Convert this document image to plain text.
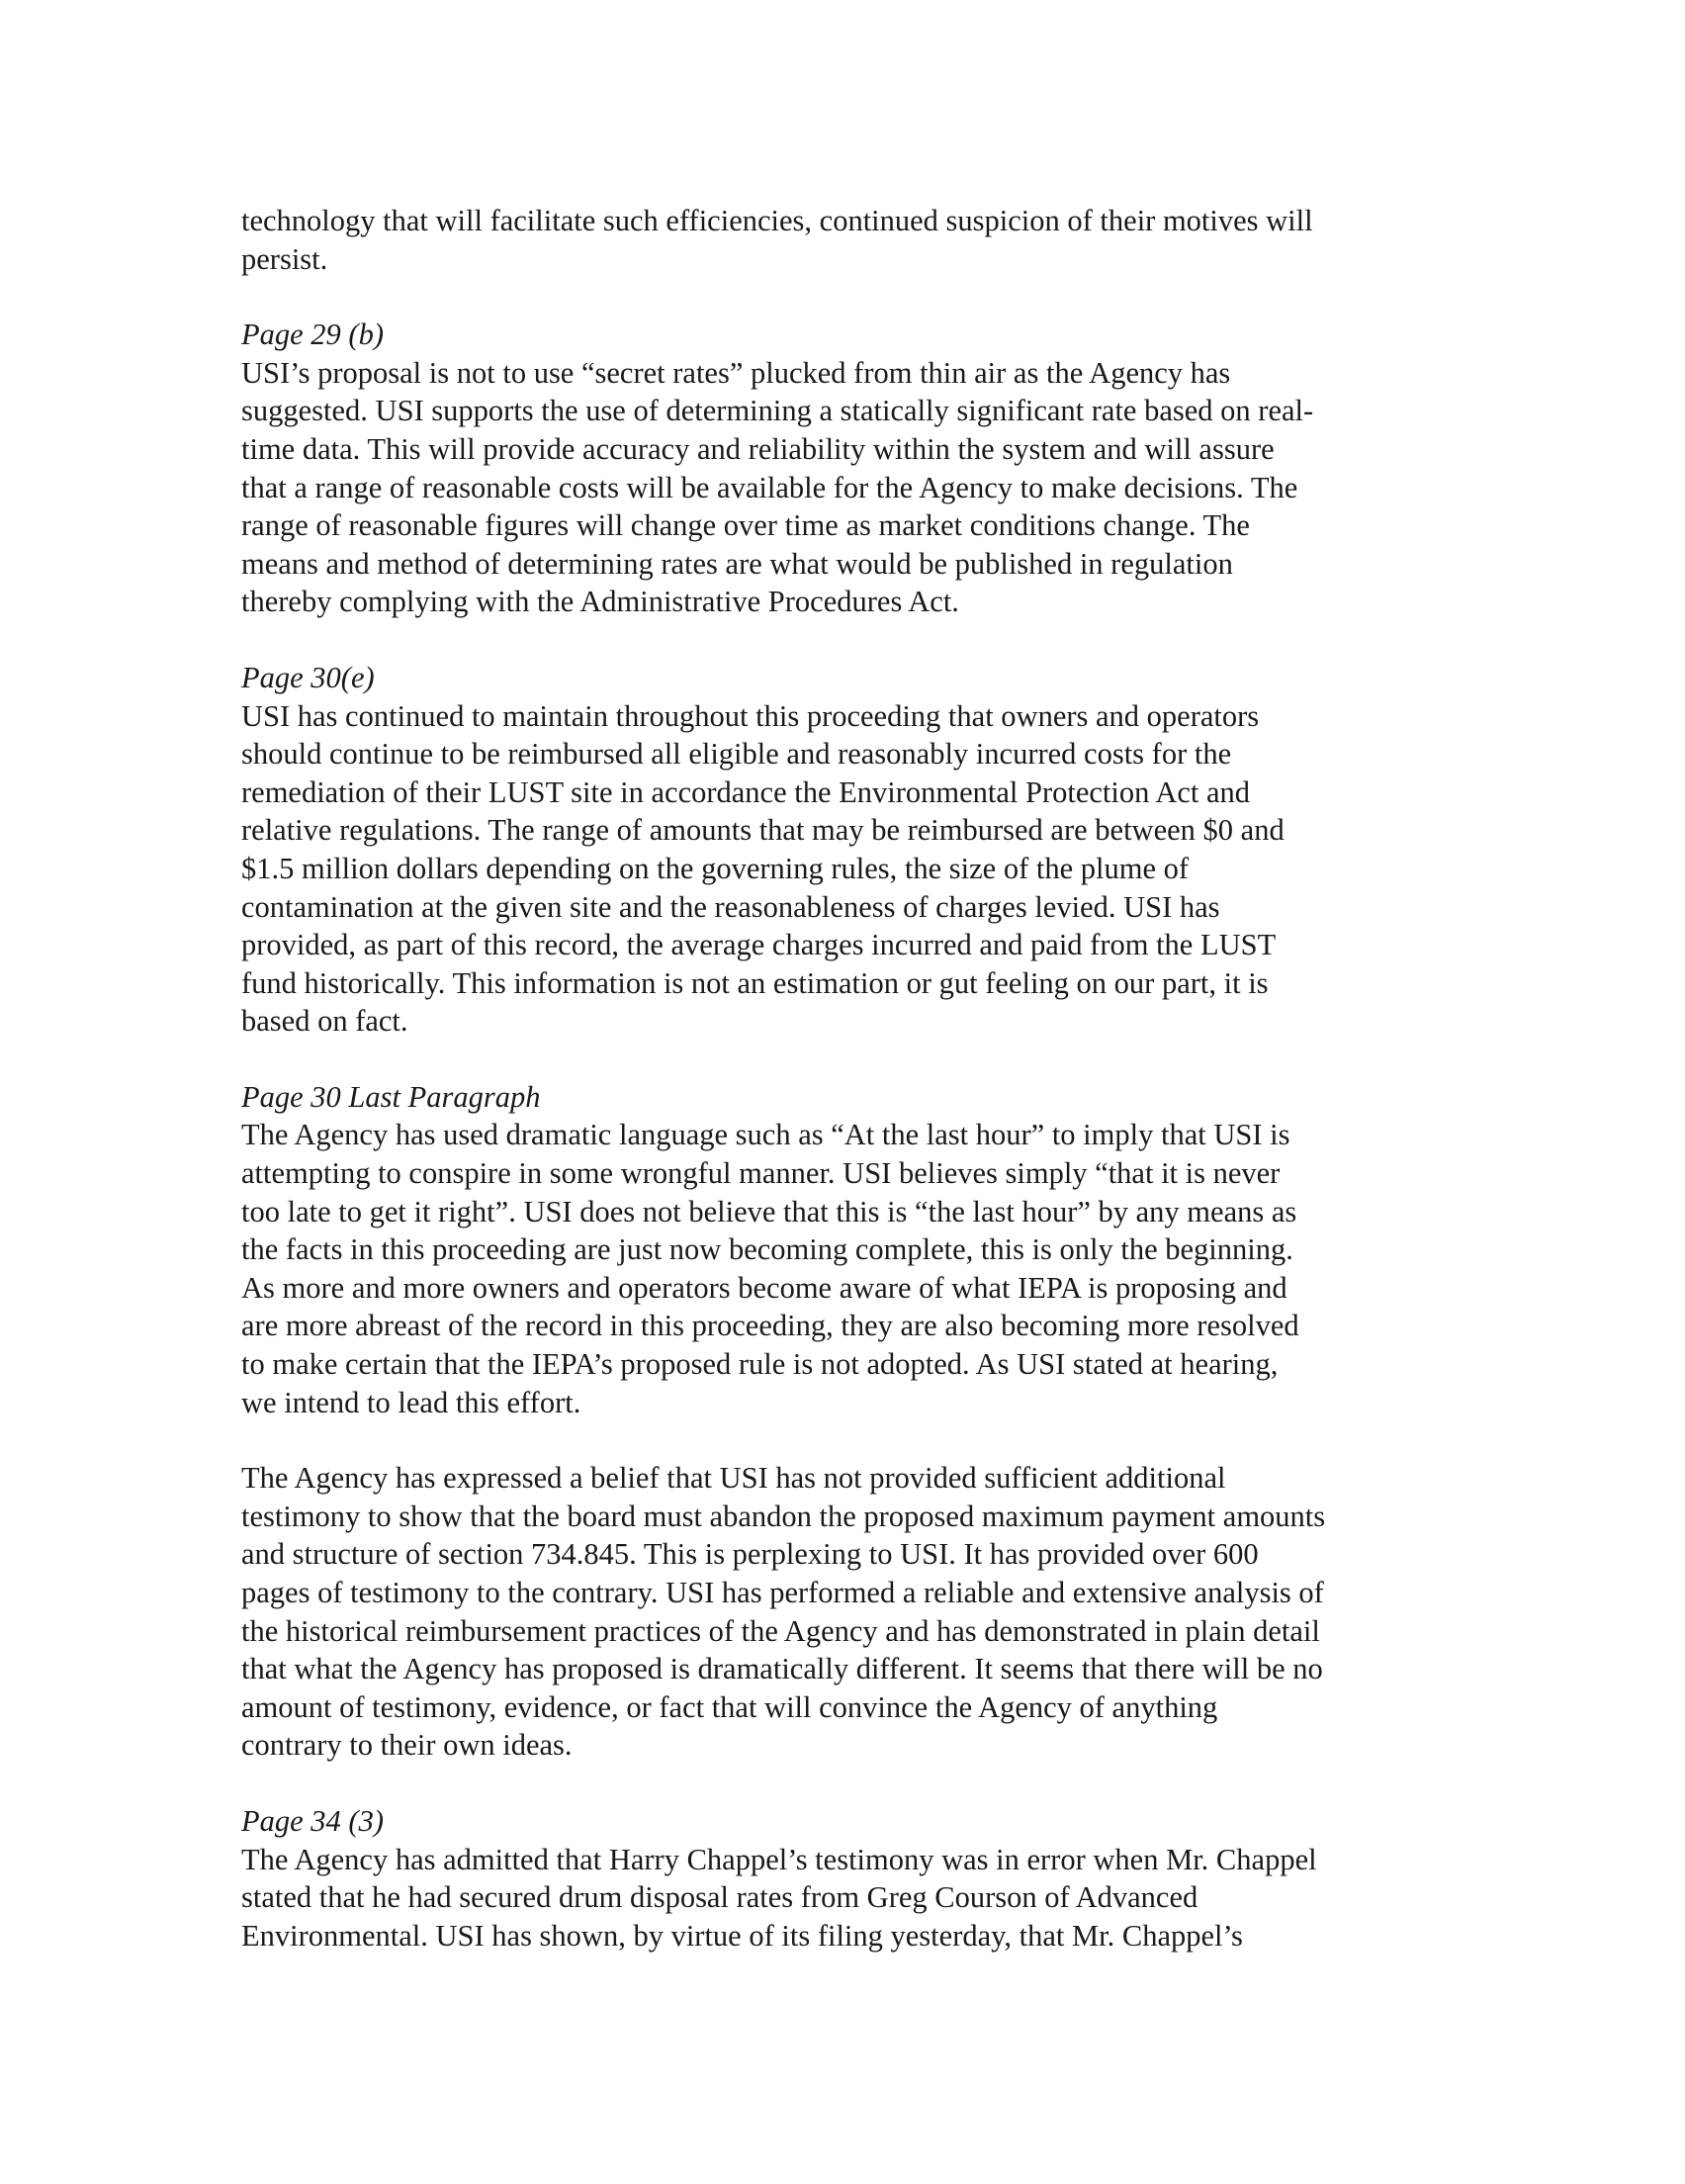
technology that will facilitate such efficiencies, continued suspicion of their motives will
persist.

Page 29 (b)

USI’s proposal is not to use “secret rates” plucked from thin air as the Agency has
suggested. USI supports the use of determining a statically significant rate based on real-
time data. This will provide accuracy and reliability within the system and will assure
that a range of reasonable costs will be available for the Agency to make decisions. The
range of reasonable figures will change over time as market conditions change. The
means and method of determining rates are what would be published in regulation
thereby complying with the Administrative Procedures Act.

Page 30(e)

USI has continued to maintain throughout this proceeding that owners and operators
should continue to be reimbursed all eligible and reasonably incurred costs for the
remediation of their LUST site in accordance the Environmental Protection Act and
relative regulations. The range of amounts that may be reimbursed are between $0 and
$1.5 million dollars depending on the governing rules, the size of the plume of
contamination at the given site and the reasonableness of charges levied. USI has
provided, as part of this record, the average charges incurred and paid from the LUST
fund historically. This information is not an estimation or gut feeling on our part, it is
based on fact.

Page 30 Last Paragraph

The Agency has used dramatic language such as “At the last hour” to imply that USI is
attempting to conspire in some wrongful manner. USI believes simply “that it is never
too late to get it right”. USI does not believe that this is “the last hour” by any means as
the facts in this proceeding are just now becoming complete, this is only the beginning.
As more and more owners and operators become aware of what IEPA is proposing and
are more abreast of the record in this proceeding, they are also becoming more resolved
to make certain that the IEPA’s proposed rule is not adopted. As USI stated at hearing,
we intend to lead this effort.

The Agency has expressed a belief that USI has not provided sufficient additional
testimony to show that the board must abandon the proposed maximum payment amounts
and structure of section 734.845. This is perplexing to USI. It has provided over 600
pages of testimony to the contrary. USI has performed a reliable and extensive analysis of
the historical reimbursement practices of the Agency and has demonstrated in plain detail
that what the Agency has proposed is dramatically different. It seems that there will be no
amount of testimony, evidence, or fact that will convince the Agency of anything
contrary to their own ideas.

Page 34 (3)

The Agency has admitted that Harry Chappel’s testimony was in error when Mr. Chappel
stated that he had secured drum disposal rates from Greg Courson of Advanced
Environmental. USI has shown, by virtue of its filing yesterday, that Mr. Chappel’s
